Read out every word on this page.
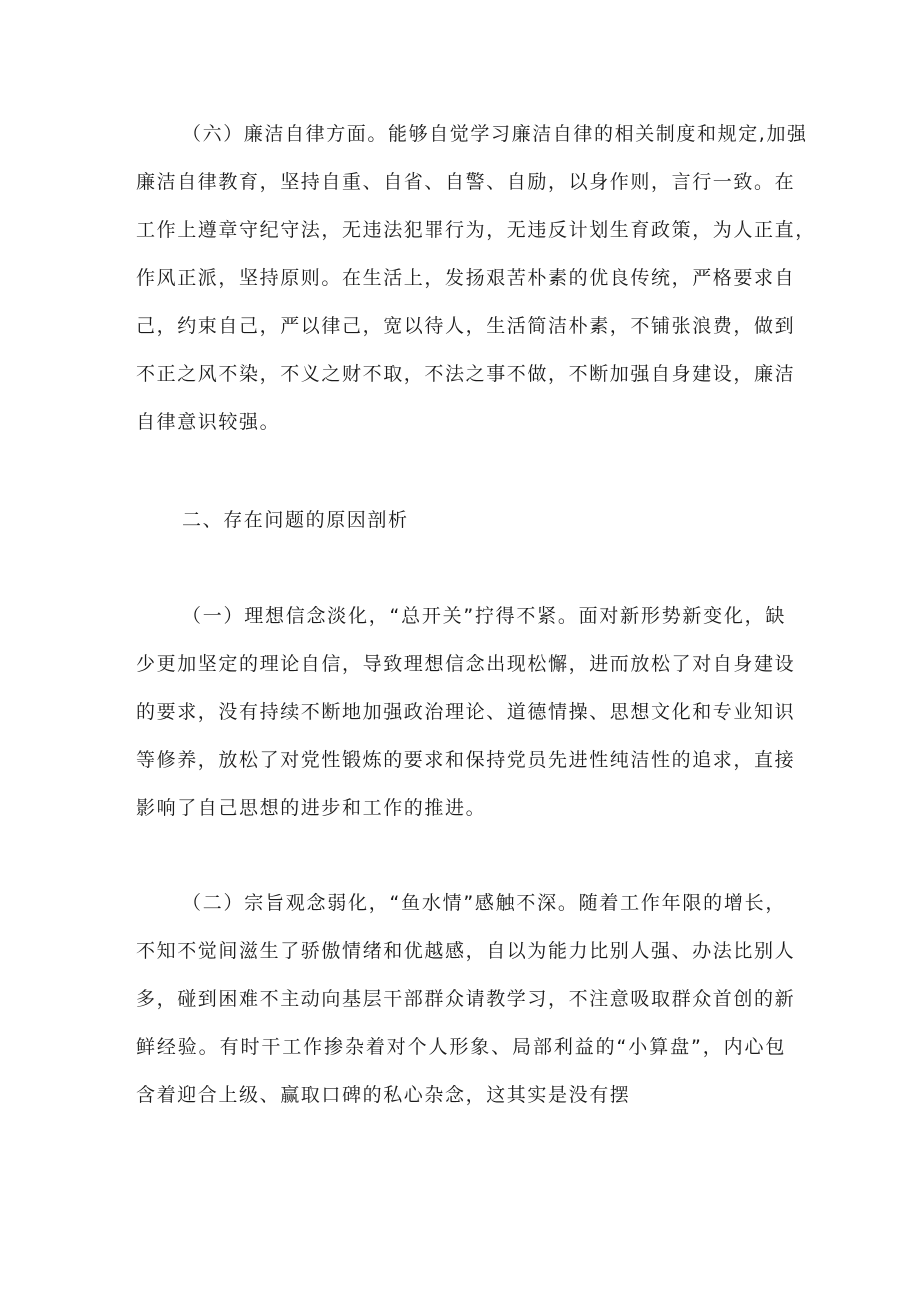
（六）廉洁自律方面。能够自觉学习廉洁自律的相关制度和规定,加强
廉洁自律教育，坚持自重、自省、自警、自励，以身作则，言行一致。在
工作上遵章守纪守法，无违法犯罪行为，无违反计划生育政策，为人正直，
作风正派，坚持原则。在生活上，发扬艰苦朴素的优良传统，严格要求自
己，约束自己，严以律己，宽以待人，生活简洁朴素，不铺张浪费，做到
不正之风不染，不义之财不取，不法之事不做，不断加强自身建设，廉洁
自律意识较强。
二、存在问题的原因剖析
（一）理想信念淡化，“总开关”拧得不紧。面对新形势新变化，缺
少更加坚定的理论自信，导致理想信念出现松懈，进而放松了对自身建设
的要求，没有持续不断地加强政治理论、道德情操、思想文化和专业知识
等修养，放松了对党性锻炼的要求和保持党员先进性纯洁性的追求，直接
影响了自己思想的进步和工作的推进。
（二）宗旨观念弱化，“鱼水情”感触不深。随着工作年限的增长，
不知不觉间滋生了骄傲情绪和优越感，自以为能力比别人强、办法比别人
多，碰到困难不主动向基层干部群众请教学习，不注意吸取群众首创的新
鲜经验。有时干工作掺杂着对个人形象、局部利益的“小算盘”，内心包
含着迎合上级、赢取口碑的私心杂念，这其实是没有摆
